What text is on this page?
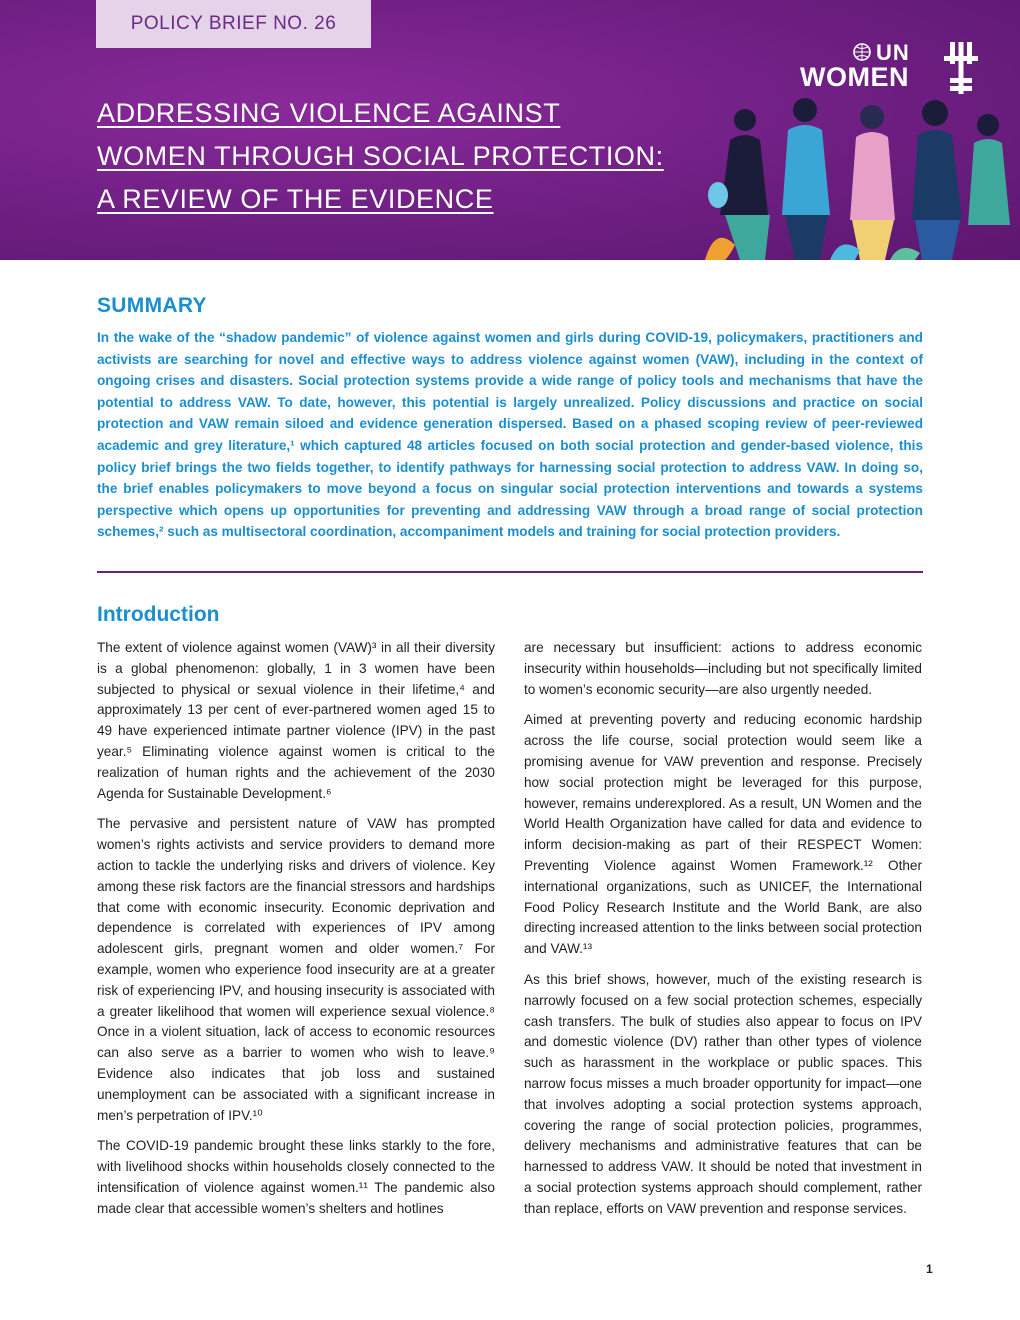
POLICY BRIEF NO. 26
ADDRESSING VIOLENCE AGAINST
WOMEN THROUGH SOCIAL PROTECTION:
A REVIEW OF THE EVIDENCE
UN
WOMEN
SUMMARY
In the wake of the “shadow pandemic” of violence against women and girls during COVID-19, policymakers, practitioners and activists are searching for novel and effective ways to address violence against women (VAW), including in the context of ongoing crises and disasters. Social protection systems provide a wide range of policy tools and mechanisms that have the potential to address VAW. To date, however, this potential is largely unrealized. Policy discussions and practice on social protection and VAW remain siloed and evidence generation dispersed. Based on a phased scoping review of peer-reviewed academic and grey literature,¹ which captured 48 articles focused on both social protection and gender-based violence, this policy brief brings the two fields together, to identify pathways for harnessing social protection to address VAW. In doing so, the brief enables policymakers to move beyond a focus on singular social protection interventions and towards a systems perspective which opens up opportunities for preventing and addressing VAW through a broad range of social protection schemes,² such as multisectoral coordination, accompaniment models and training for social protection providers.
Introduction

The extent of violence against women (VAW)³ in all their diversity is a global phenomenon: globally, 1 in 3 women have been subjected to physical or sexual violence in their lifetime,⁴ and approximately 13 per cent of ever-partnered women aged 15 to 49 have experienced intimate partner violence (IPV) in the past year.⁵ Eliminating violence against women is critical to the realization of human rights and the achievement of the 2030 Agenda for Sustainable Development.⁶

The pervasive and persistent nature of VAW has prompted women’s rights activists and service providers to demand more action to tackle the underlying risks and drivers of violence. Key among these risk factors are the financial stressors and hardships that come with economic insecurity. Economic deprivation and dependence is correlated with experiences of IPV among adolescent girls, pregnant women and older women.⁷ For example, women who experience food insecurity are at a greater risk of experiencing IPV, and housing insecurity is associated with a greater likelihood that women will experience sexual violence.⁸ Once in a violent situation, lack of access to economic resources can also serve as a barrier to women who wish to leave.⁹ Evidence also indicates that job loss and sustained unemployment can be associated with a significant increase in men’s perpetration of IPV.¹⁰

The COVID-19 pandemic brought these links starkly to the fore, with livelihood shocks within households closely connected to the intensification of violence against women.¹¹ The pandemic also made clear that accessible women’s shelters and hotlines

are necessary but insufficient: actions to address economic insecurity within households—including but not specifically limited to women’s economic security—are also urgently needed.

Aimed at preventing poverty and reducing economic hardship across the life course, social protection would seem like a promising avenue for VAW prevention and response. Precisely how social protection might be leveraged for this purpose, however, remains underexplored. As a result, UN Women and the World Health Organization have called for data and evidence to inform decision-making as part of their RESPECT Women: Preventing Violence against Women Framework.¹² Other international organizations, such as UNICEF, the International Food Policy Research Institute and the World Bank, are also directing increased attention to the links between social protection and VAW.¹³

As this brief shows, however, much of the existing research is narrowly focused on a few social protection schemes, especially cash transfers. The bulk of studies also appear to focus on IPV and domestic violence (DV) rather than other types of violence such as harassment in the workplace or public spaces. This narrow focus misses a much broader opportunity for impact—one that involves adopting a social protection systems approach, covering the range of social protection policies, programmes, delivery mechanisms and administrative features that can be harnessed to address VAW. It should be noted that investment in a social protection systems approach should complement, rather than replace, efforts on VAW prevention and response services.

1
